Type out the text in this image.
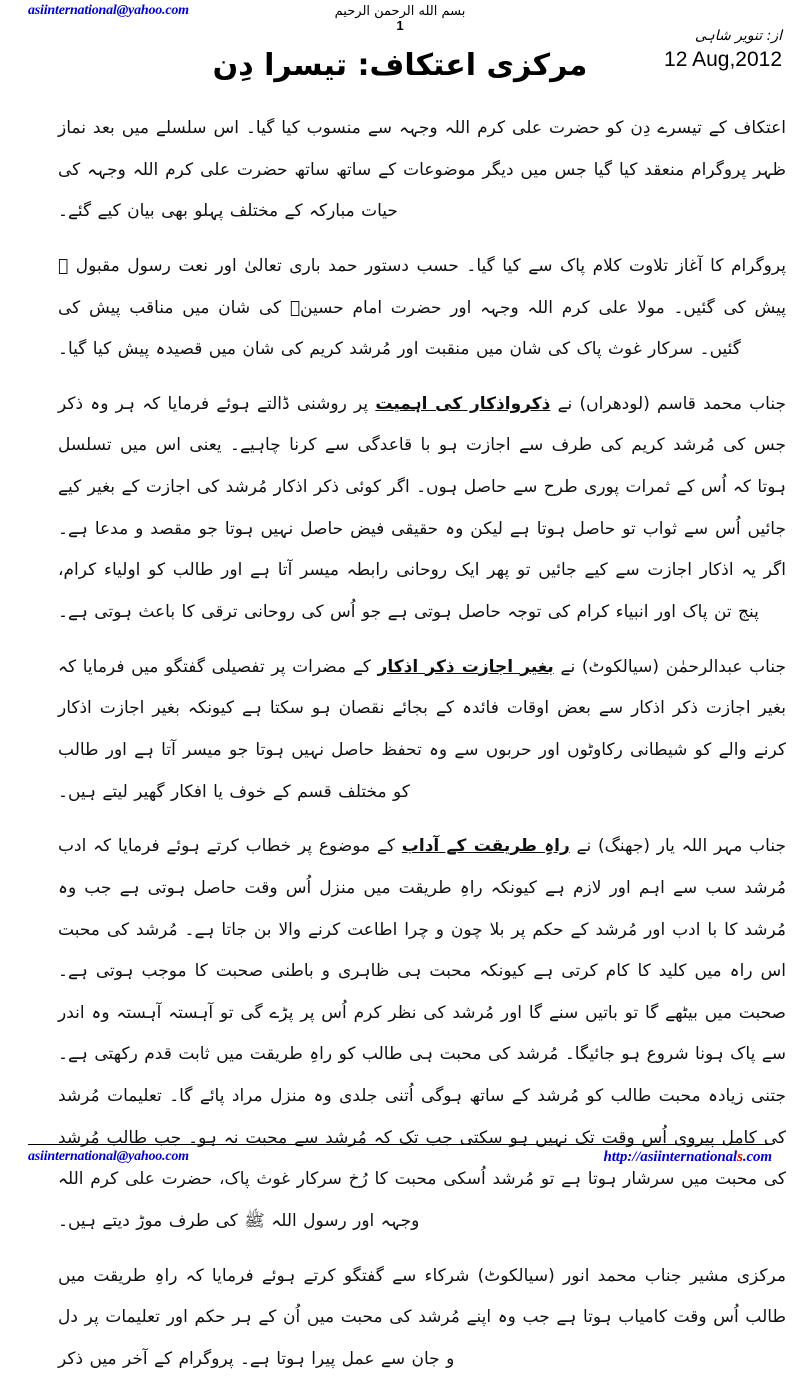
asiinternational@yahoo.com	بسم الله الرحمن الرحيم
1
از: تنویر شاہی
12 Aug,2012
مرکزی اعتکاف: تیسرا دِن

اعتکاف کے تیسرے دِن کو حضرت علی کرم اللہ وجہہ سے منسوب کیا گیا۔ اس سلسلے میں بعد نماز ظہر پروگرام منعقد کیا گیا جس میں دیگر موضوعات کے ساتھ ساتھ حضرت علی کرم اللہ وجہہ کی حیات مبارکہ کے مختلف پہلو بھی بیان کیے گئے۔

پروگرام کا آغاز تلاوت کلام پاک سے کیا گیا۔ حسب دستور حمد باری تعالیٰ اور نعت رسول مقبول ﷺ پیش کی گئیں۔ مولا علی کرم اللہ وجہہ اور حضرت امام حسینؓ کی شان میں مناقب پیش کی گئیں۔ سرکار غوث پاک کی شان میں منقبت اور مُرشد کریم کی شان میں قصیدہ پیش کیا گیا۔

جناب محمد قاسم (لودھراں) نے ذکرواذکار کی اہمیت پر روشنی ڈالتے ہوئے فرمایا کہ ہر وہ ذکر جس کی مُرشد کریم کی طرف سے اجازت ہو با قاعدگی سے کرنا چاہیے۔ یعنی اس میں تسلسل ہوتا کہ اُس کے ثمرات پوری طرح سے حاصل ہوں۔ اگر کوئی ذکر اذکار مُرشد کی اجازت کے بغیر کیے جائیں اُس سے ثواب تو حاصل ہوتا ہے لیکن وہ حقیقی فیض حاصل نہیں ہوتا جو مقصد و مدعا ہے۔ اگر یہ اذکار اجازت سے کیے جائیں تو پھر ایک روحانی رابطہ میسر آتا ہے اور طالب کو اولیاء کرام، پنج تن پاک اور انبیاء کرام کی توجہ حاصل ہوتی ہے جو اُس کی روحانی ترقی کا باعث ہوتی ہے۔

جناب عبدالرحمٰن (سیالکوٹ) نے بغیر اجازت ذکر اذکار کے مضرات پر تفصیلی گفتگو میں فرمایا کہ بغیر اجازت ذکر اذکار سے بعض اوقات فائدہ کے بجائے نقصان ہو سکتا ہے کیونکہ بغیر اجازت اذکار کرنے والے کو شیطانی رکاوٹوں اور حربوں سے وہ تحفظ حاصل نہیں ہوتا جو میسر آتا ہے اور طالب کو مختلف قسم کے خوف یا افکار گھیر لیتے ہیں۔

جناب مہر اللہ یار (جھنگ) نے راہِ طریقت کے آداب کے موضوع پر خطاب کرتے ہوئے فرمایا کہ ادب مُرشد سب سے اہم اور لازم ہے کیونکہ راہِ طریقت میں منزل اُس وقت حاصل ہوتی ہے جب وہ مُرشد کا با ادب اور مُرشد کے حکم پر بلا چون و چرا اطاعت کرنے والا بن جاتا ہے۔ مُرشد کی محبت اس راہ میں کلید کا کام کرتی ہے کیونکہ محبت ہی ظاہری و باطنی صحبت کا موجب ہوتی ہے۔ صحبت میں بیٹھے گا تو باتیں سنے گا اور مُرشد کی نظر کرم اُس پر پڑے گی تو آہستہ آہستہ وہ اندر سے پاک ہونا شروع ہو جائیگا۔ مُرشد کی محبت ہی طالب کو راہِ طریقت میں ثابت قدم رکھتی ہے۔ جتنی زیادہ محبت طالب کو مُرشد کے ساتھ ہوگی اُتنی جلدی وہ منزل مراد پائے گا۔ تعلیمات مُرشد کی کامل پیروی اُس وقت تک نہیں ہو سکتی جب تک کہ مُرشد سے محبت نہ ہو۔ جب طالب مُرشد کی محبت میں سرشار ہوتا ہے تو مُرشد اُسکی محبت کا رُخ سرکار غوث پاک، حضرت علی کرم اللہ وجہہ اور رسول اللہ ﷺ کی طرف موڑ دیتے ہیں۔

مرکزی مشیر جناب محمد انور (سیالکوٹ) شرکاء سے گفتگو کرتے ہوئے فرمایا کہ راہِ طریقت میں طالب اُس وقت کامیاب ہوتا ہے جب وہ اپنے مُرشد کی محبت میں اُن کے ہر حکم اور تعلیمات پر دل و جان سے عمل پیرا ہوتا ہے۔ پروگرام کے آخر میں ذکر

asiinternational@yahoo.com	http://asiinternationals.com
